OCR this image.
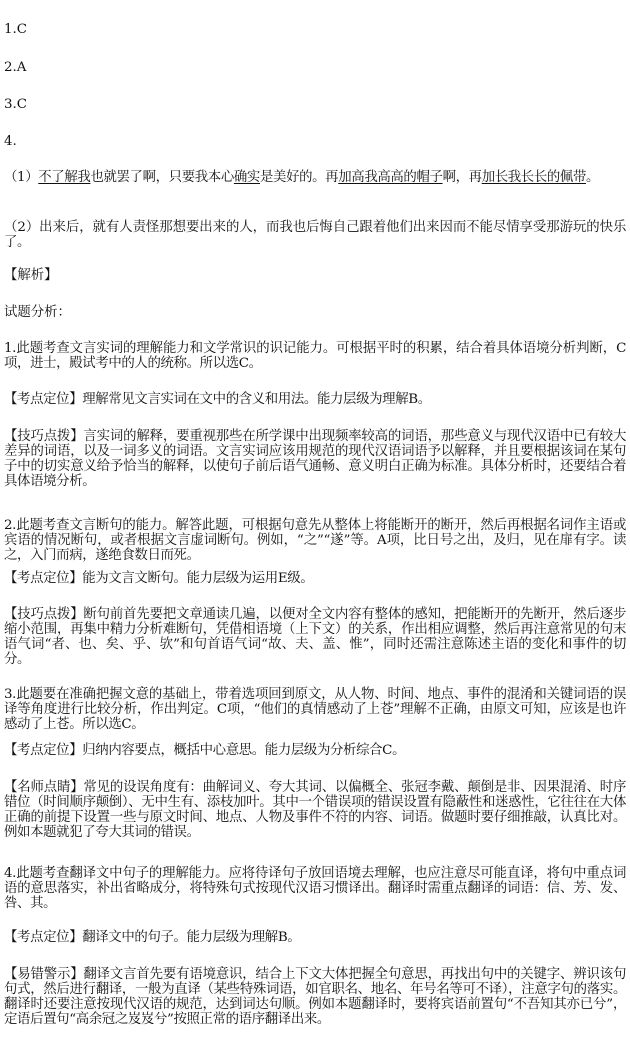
1.C

2.A

3.C

4.

（1）不了解我也就罢了啊，只要我本心确实是美好的。再加高我高高的帽子啊，再加长我长长的佩带。

（2）出来后，就有人责怪那想要出来的人，而我也后悔自己跟着他们出来因而不能尽情享受那游玩的快乐了。

【解析】

试题分析：

1.此题考查文言实词的理解能力和文学常识的识记能力。可根据平时的积累，结合着具体语境分析判断，C项，进士，殿试考中的人的统称。所以选C。

【考点定位】理解常见文言实词在文中的含义和用法。能力层级为理解B。

【技巧点拨】言实词的解释，要重视那些在所学课中出现频率较高的词语，那些意义与现代汉语中已有较大差异的词语，以及一词多义的词语。文言实词应该用规范的现代汉语词语予以解释，并且要根据该词在某句子中的切实意义给予恰当的解释，以使句子前后语气通畅、意义明白正确为标准。具体分析时，还要结合着具体语境分析。

2.此题考查文言断句的能力。解答此题，可根据句意先从整体上将能断开的断开，然后再根据名词作主语或宾语的情况断句，或者根据文言虚词断句。例如，“之”“遂”等。A项，比日号之出，及归，见在扉有字。读之，入门而病，遂绝食数日而死。

【考点定位】能为文言文断句。能力层级为运用E级。

【技巧点拨】断句前首先要把文章通读几遍，以便对全文内容有整体的感知，把能断开的先断开，然后逐步缩小范围，再集中精力分析难断句，凭借相语境（上下文）的关系，作出相应调整，然后再注意常见的句末语气词“者、也、矣、乎、欤”和句首语气词“故、夫、盖、惟”，同时还需注意陈述主语的变化和事件的切分。

3.此题要在准确把握文意的基础上，带着选项回到原文，从人物、时间、地点、事件的混淆和关键词语的误译等角度进行比较分析，作出判定。C项，“他们的真情感动了上苍”理解不正确，由原文可知，应该是也许感动了上苍。所以选C。

【考点定位】归纳内容要点，概括中心意思。能力层级为分析综合C。

【名师点睛】常见的设误角度有：曲解词义、夸大其词、以偏概全、张冠李戴、颠倒是非、因果混淆、时序错位（时间顺序颠倒）、无中生有、添枝加叶。其中一个错误项的错误设置有隐蔽性和迷惑性，它往往在大体正确的前提下设置一些与原文时间、地点、人物及事件不符的内容、词语。做题时要仔细推敲，认真比对。例如本题就犯了夸大其词的错误。

4.此题考查翻译文中句子的理解能力。应将待译句子放回语境去理解，也应注意尽可能直译，将句中重点词语的意思落实，补出省略成分，将特殊句式按现代汉语习惯译出。翻译时需重点翻译的词语：信、芳、发、咎、其。

【考点定位】翻译文中的句子。能力层级为理解B。

【易错警示】翻译文言首先要有语境意识，结合上下文大体把握全句意思，再找出句中的关键字、辨识该句句式，然后进行翻译，一般为直译（某些特殊词语，如官职名、地名、年号名等可不译），注意字句的落实。翻译时还要注意按现代汉语的规范，达到词达句顺。例如本题翻译时，要将宾语前置句“不吾知其亦已兮”，定语后置句“高余冠之岌岌兮”按照正常的语序翻译出来。
